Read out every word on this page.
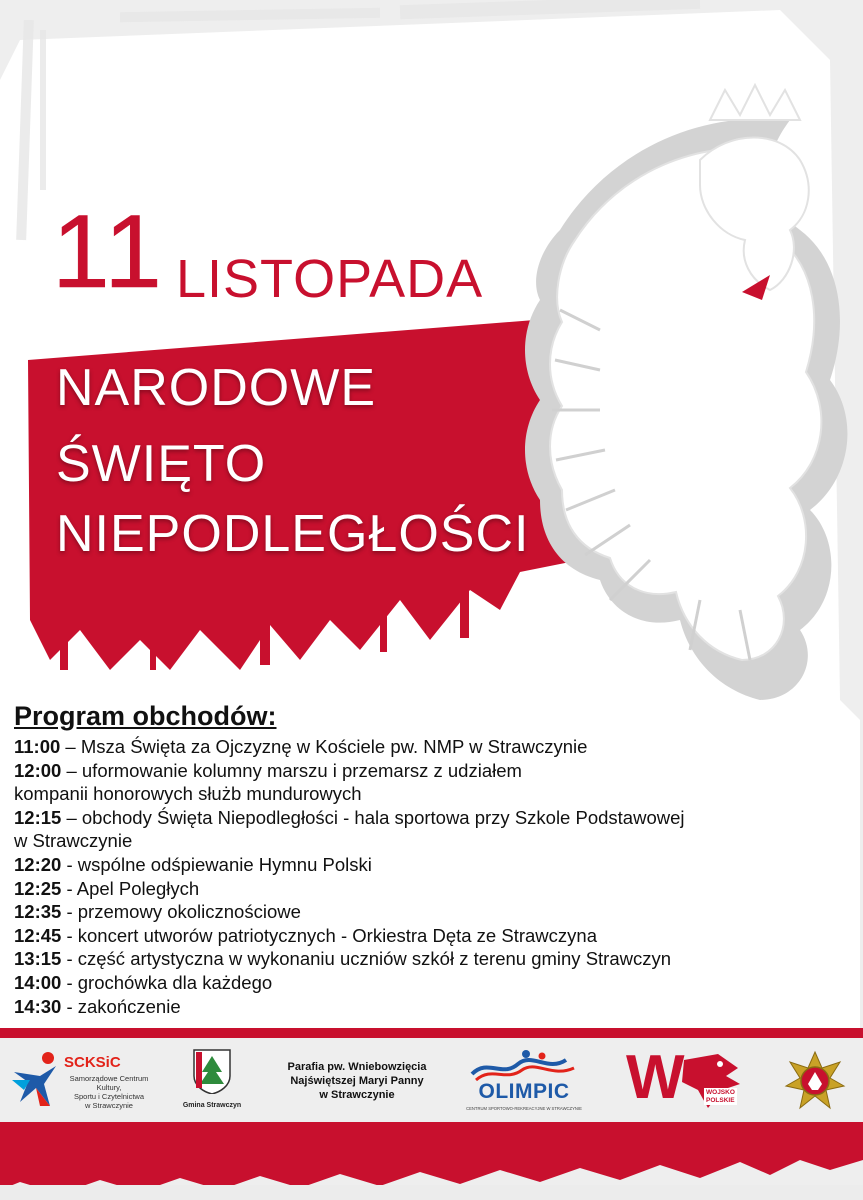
11 LISTOPADA
NARODOWE
ŚWIĘTO
NIEPODLEGŁOŚCI
Program obchodów:
11:00 – Msza Święta za Ojczyznę w Kościele pw. NMP w Strawczynie
12:00 – uformowanie kolumny marszu i przemarsz z udziałem
kompanii honorowych służb mundurowych
12:15 – obchody Święta Niepodległości - hala sportowa przy Szkole Podstawowej
w Strawczynie
12:20 - wspólne odśpiewanie Hymnu Polski
12:25 - Apel Poległych
12:35 - przemowy okolicznościowe
12:45 - koncert utworów patriotycznych - Orkiestra Dęta ze Strawczyna
13:15 - część artystyczna w wykonaniu uczniów szkół z terenu gminy Strawczyn
14:00 - grochówka dla każdego
14:30 - zakończenie
SCKSiC
Samorządowe Centrum Kultury,
Sportu i Czytelnictwa
w Strawczynie	Gmina Strawczyn
Parafia pw. Wniebowzięcia
Najświętszej Maryi Panny
w Strawczynie	OLIMPIC
CENTRUM SPORTOWO-REKREACYJNE W STRAWCZYNIE W	WOJSKO
POLSKIE
